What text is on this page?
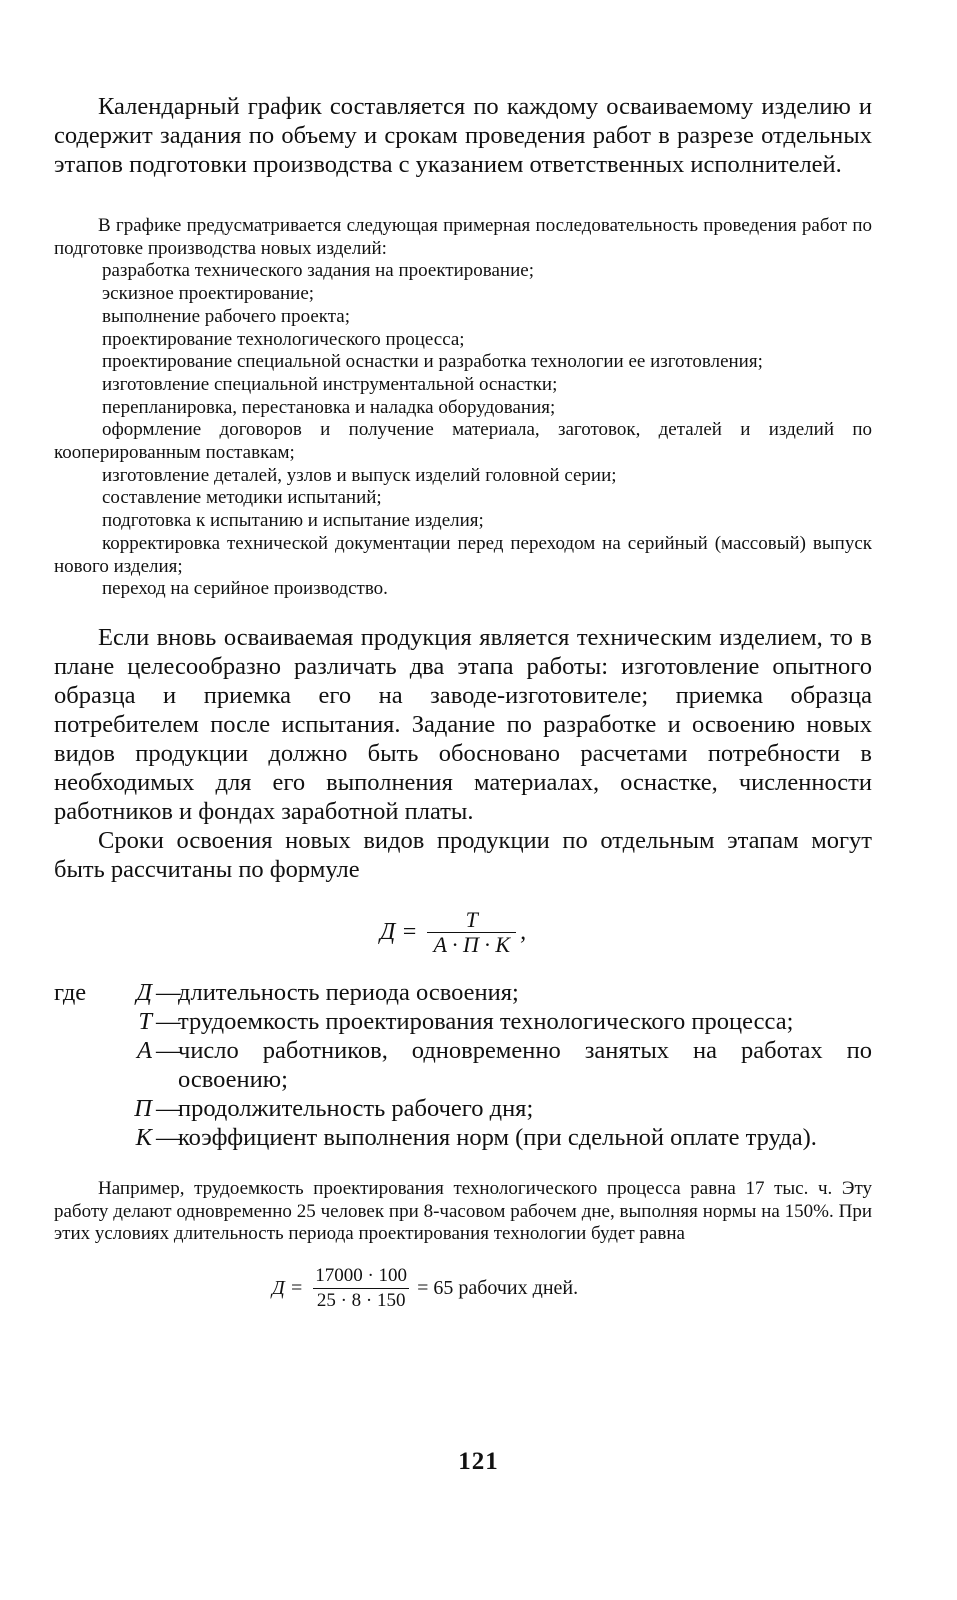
Календарный график составляется по каждому осваиваемому изделию и содержит задания по объему и срокам проведения работ в разрезе отдельных этапов подготовки производства с указанием ответственных исполнителей.

В графике предусматривается следующая примерная последовательность проведения работ по подготовке производства новых изделий:

разработка технического задания на проектирование;

эскизное проектирование;

выполнение рабочего проекта;

проектирование технологического процесса;

проектирование специальной оснастки и разработка технологии ее изготовления;

изготовление специальной инструментальной оснастки;

перепланировка, перестановка и наладка оборудования;

оформление договоров и получение материала, заготовок, деталей и изделий по кооперированным поставкам;

изготовление деталей, узлов и выпуск изделий головной серии;

составление методики испытаний;

подготовка к испытанию и испытание изделия;

корректировка технической документации перед переходом на серийный (массовый) выпуск нового изделия;

переход на серийное производство.

Если вновь осваиваемая продукция является техническим изделием, то в плане целесообразно различать два этапа работы: изготовление опытного образца и приемка его на заводе-изготовителе; приемка образца потребителем после испытания. Задание по разработке и освоению новых видов продукции должно быть обосновано расчетами потребности в необходимых для его выполнения материалах, оснастке, численности работников и фондах заработной платы.

Сроки освоения новых видов продукции по отдельным этапам могут быть рассчитаны по формуле

$Д = \frac{T}{A \cdot П \cdot K}$ ,
где	Д —
длительность периода освоения;
T —
трудоемкость проектирования технологического процесса;
A —
число работников, одновременно занятых на работах по освоению;
П —
продолжительность рабочего дня;
K —
коэффициент выполнения норм (при сдельной оплате труда).

Например, трудоемкость проектирования технологического процесса равна 17 тыс. ч. Эту работу делают одновременно 25 человек при 8-часовом рабочем дне, выполняя нормы на 150%. При этих условиях длительность периода проектирования технологии будет равна

$Д = \frac{17000 \cdot 100}{25 \cdot 8 \cdot 150} = 65$ рабочих дней.
121
